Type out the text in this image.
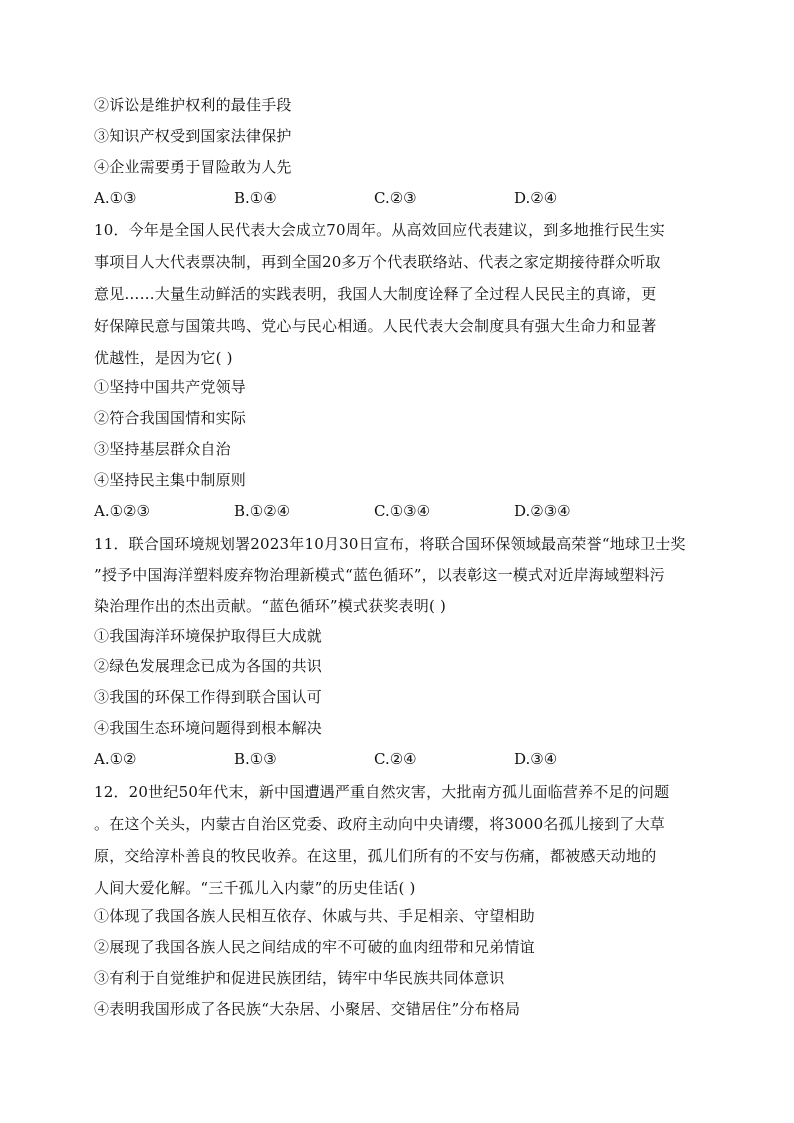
②诉讼是维护权利的最佳手段
③知识产权受到国家法律保护
④企业需要勇于冒险敢为人先
A.①③	B.①④	C.②③	D.②④
10．今年是全国人民代表大会成立70周年。从高效回应代表建议，到多地推行民生实
事项目人大代表票决制，再到全国20多万个代表联络站、代表之家定期接待群众听取
意见……大量生动鲜活的实践表明，我国人大制度诠释了全过程人民民主的真谛，更
好保障民意与国策共鸣、党心与民心相通。人民代表大会制度具有强大生命力和显著
优越性，是因为它( )
①坚持中国共产党领导
②符合我国国情和实际
③坚持基层群众自治
④坚持民主集中制原则
A.①②③	B.①②④	C.①③④	D.②③④
11．联合国环境规划署2023年10月30日宣布，将联合国环保领域最高荣誉“地球卫士奖
”授予中国海洋塑料废弃物治理新模式“蓝色循环”，以表彰这一模式对近岸海域塑料污
染治理作出的杰出贡献。“蓝色循环”模式获奖表明( )
①我国海洋环境保护取得巨大成就
②绿色发展理念已成为各国的共识
③我国的环保工作得到联合国认可
④我国生态环境问题得到根本解决
A.①②	B.①③	C.②④	D.③④
12．20世纪50年代末，新中国遭遇严重自然灾害，大批南方孤儿面临营养不足的问题
。在这个关头，内蒙古自治区党委、政府主动向中央请缨，将3000名孤儿接到了大草
原，交给淳朴善良的牧民收养。在这里，孤儿们所有的不安与伤痛，都被感天动地的
人间大爱化解。“三千孤儿入内蒙”的历史佳话( )
①体现了我国各族人民相互依存、休戚与共、手足相亲、守望相助
②展现了我国各族人民之间结成的牢不可破的血肉纽带和兄弟情谊
③有利于自觉维护和促进民族团结，铸牢中华民族共同体意识
④表明我国形成了各民族“大杂居、小聚居、交错居住”分布格局
